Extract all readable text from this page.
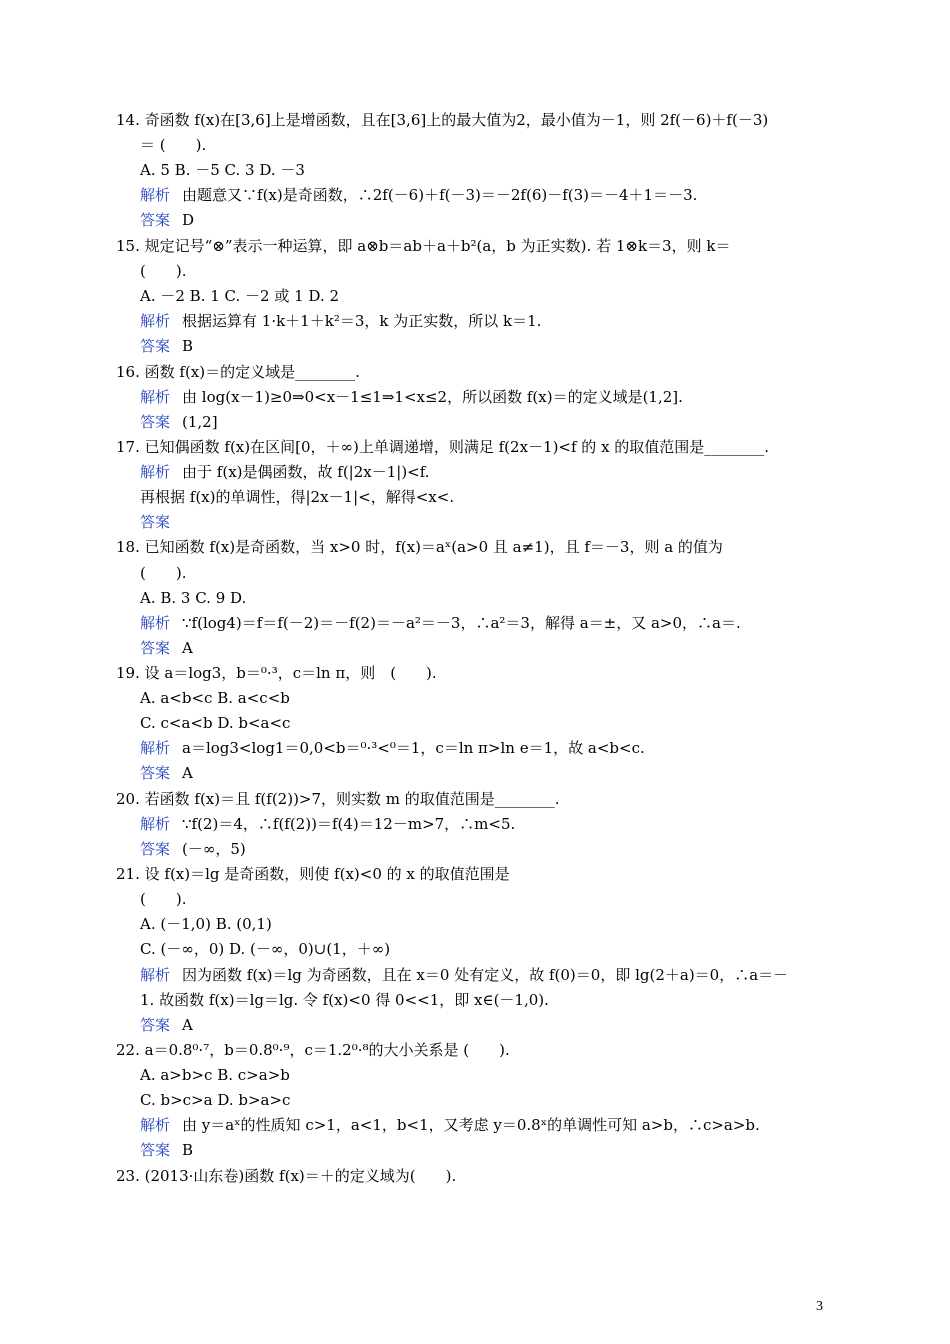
14. 奇函数 f(x)在[3,6]上是增函数，且在[3,6]上的最大值为2，最小值为－1，则 2f(－6)＋f(－3)
＝ (　　).
A. 5 B. －5 C. 3 D. －3
解析 由题意又∵f(x)是奇函数，∴2f(－6)＋f(－3)＝－2f(6)－f(3)＝－4＋1＝－3.
答案 D
15. 规定记号“⊗”表示一种运算，即 a⊗b＝ab＋a＋b²(a，b 为正实数). 若 1⊗k＝3，则 k＝
(　　).
A. －2 B. 1 C. －2 或 1 D. 2
解析 根据运算有 1·k＋1＋k²＝3，k 为正实数，所以 k＝1.
答案 B
16. 函数 f(x)＝的定义域是________.
解析 由 log(x－1)≥0⇒0<x－1≤1⇒1<x≤2，所以函数 f(x)＝的定义域是(1,2].
答案 (1,2]
17. 已知偶函数 f(x)在区间[0，＋∞)上单调递增，则满足 f(2x－1)<f 的 x 的取值范围是________.
解析 由于 f(x)是偶函数，故 f(|2x－1|)<f.
再根据 f(x)的单调性，得|2x－1|<，解得<x<.
答案
18. 已知函数 f(x)是奇函数，当 x>0 时，f(x)＝aˣ(a>0 且 a≠1)，且 f＝－3，则 a 的值为
(　　).
A. B. 3 C. 9 D.
解析 ∵f(log4)＝f＝f(－2)＝－f(2)＝－a²＝－3，∴a²＝3，解得 a＝±，又 a>0，∴a＝.
答案 A
19. 设 a＝log3，b＝⁰·³，c＝ln π，则　(　　).
A. a<b<c B. a<c<b
C. c<a<b D. b<a<c
解析 a＝log3<log1＝0,0<b＝⁰·³<⁰＝1，c＝ln π>ln e＝1，故 a<b<c.
答案 A
20. 若函数 f(x)＝且 f(f(2))>7，则实数 m 的取值范围是________.
解析 ∵f(2)＝4，∴f(f(2))＝f(4)＝12－m>7，∴m<5.
答案 (－∞，5)
21. 设 f(x)＝lg 是奇函数，则使 f(x)<0 的 x 的取值范围是
(　　).
A. (－1,0) B. (0,1)
C. (－∞，0) D. (－∞，0)∪(1，＋∞)
解析 因为函数 f(x)＝lg 为奇函数，且在 x＝0 处有定义，故 f(0)＝0，即 lg(2＋a)＝0，∴a＝－
1. 故函数 f(x)＝lg＝lg. 令 f(x)<0 得 0<<1，即 x∈(－1,0).
答案 A
22. a＝0.8⁰·⁷，b＝0.8⁰·⁹，c＝1.2⁰·⁸的大小关系是 (　　).
A. a>b>c B. c>a>b
C. b>c>a D. b>a>c
解析 由 y＝aˣ的性质知 c>1，a<1，b<1，又考虑 y＝0.8ˣ的单调性可知 a>b，∴c>a>b.
答案 B
23. (2013·山东卷)函数 f(x)＝＋的定义域为(　　).
3
